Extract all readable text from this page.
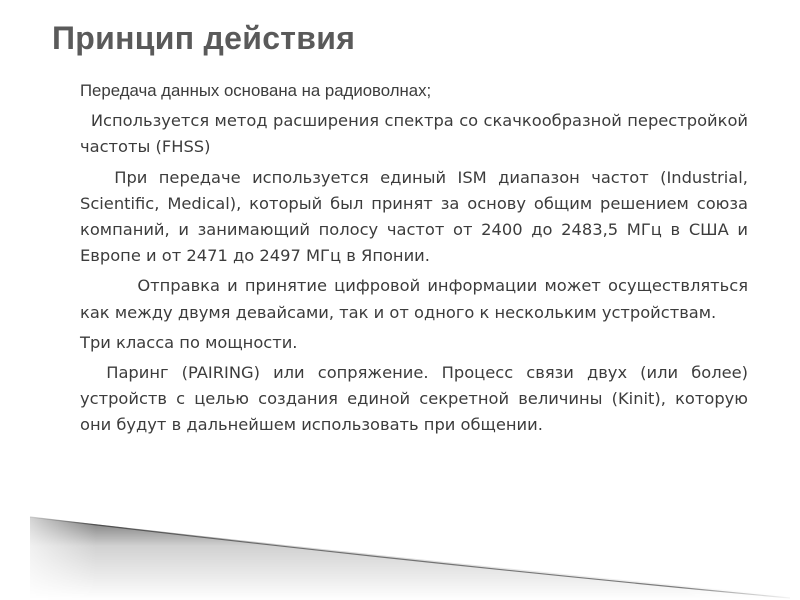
Принцип действия

Передача данных основана на радиоволнах;

Используется метод расширения спектра со скачкообразной перестройкой частоты (FHSS)

При передаче используется единый ISM диапазон частот (Industrial, Scientific, Medical), который был принят за основу общим решением союза компаний, и занимающий полосу частот от 2400 до 2483,5 МГц в США и Европе и от 2471 до 2497 МГц в Японии.

Отправка и принятие цифровой информации может осуществляться как между двумя девайсами, так и от одного к нескольким устройствам.

Три класса по мощности.

Паринг (PAIRING) или сопряжение. Процесс связи двух (или более) устройств с целью создания единой секретной величины (Kinit), которую они будут в дальнейшем использовать при общении.
